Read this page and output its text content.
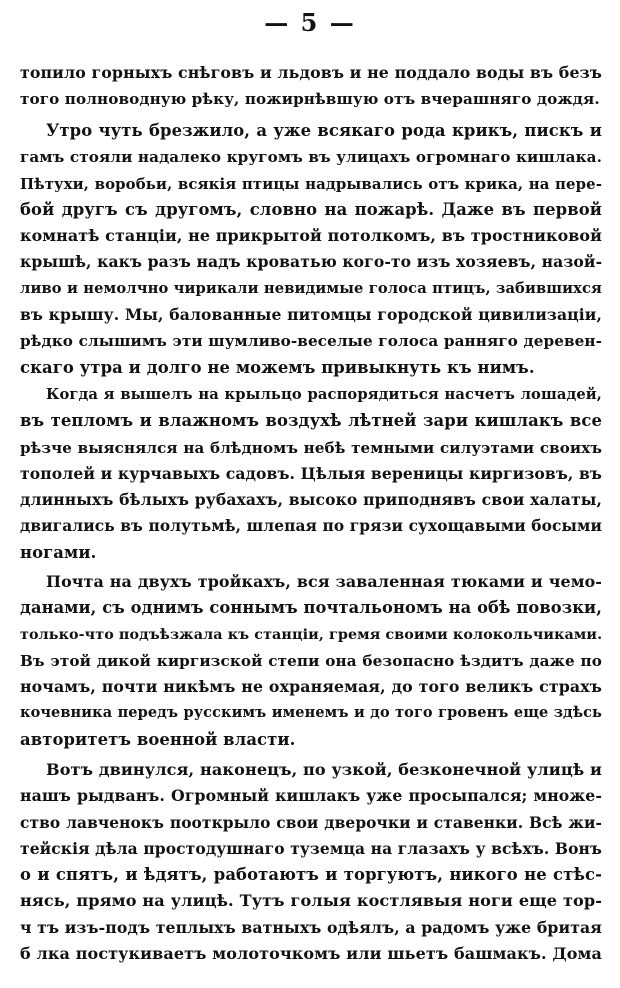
— 5 —
топило горныхъ снѣговъ и льдовъ и не поддало воды въ безъ
того полноводную рѣку, пожирнѣвшую отъ вчерашняго дождя.
Утро чуть брезжило, а уже всякаго рода крикъ, пискъ и
гамъ стояли надалеко кругомъ въ улицахъ огромнаго кишлака.
Пѣтухи, воробьи, всякія птицы надрывались отъ крика, на пере-
бой другъ съ другомъ, словно на пожарѣ. Даже въ первой
комнатѣ станціи, не прикрытой потолкомъ, въ тростниковой
крышѣ, какъ разъ надъ кроватью кого-то изъ хозяевъ, назой-
ливо и немолчно чирикали невидимые голоса птицъ, забившихся
въ крышу. Мы, балованные питомцы городской цивилизаціи,
рѣдко слышимъ эти шумливо-веселые голоса ранняго деревен-
скаго утра и долго не можемъ привыкнуть къ нимъ.
Когда я вышелъ на крыльцо распорядиться насчетъ лошадей,
въ тепломъ и влажномъ воздухѣ лѣтней зари кишлакъ все
рѣзче выяснялся на блѣдномъ небѣ темными силуэтами своихъ
тополей и курчавыхъ садовъ. Цѣлыя вереницы киргизовъ, въ
длинныхъ бѣлыхъ рубахахъ, высоко приподнявъ свои халаты,
двигались въ полутьмѣ, шлепая по грязи сухощавыми босыми
ногами.
Почта на двухъ тройкахъ, вся заваленная тюками и чемо-
данами, съ однимъ соннымъ почтальономъ на обѣ повозки,
только-что подъѣзжала къ станціи, гремя своими колокольчиками.
Въ этой дикой киргизской степи она безопасно ѣздитъ даже по
ночамъ, почти никѣмъ не охраняемая, до того великъ страхъ
кочевника передъ русскимъ именемъ и до того гровенъ еще здѣсь
авторитетъ военной власти.
Вотъ двинулся, наконецъ, по узкой, безконечной улицѣ и
нашъ рыдванъ. Огромный кишлакъ уже просыпался; множе-
ство лавченокъ пооткрыло свои дверочки и ставенки. Всѣ жи-
тейскія дѣла простодушнаго туземца на глазахъ у всѣхъ. Вонъ
о и спятъ, и ѣдятъ, работаютъ и торгуютъ, никого не стѣс-
нясь, прямо на улицѣ. Тутъ голыя костлявыя ноги еще тор-
ч тъ изъ-подъ теплыхъ ватныхъ одѣялъ, а радомъ уже бритая
б лка постукиваетъ молоточкомъ или шьетъ башмакъ. Дома
